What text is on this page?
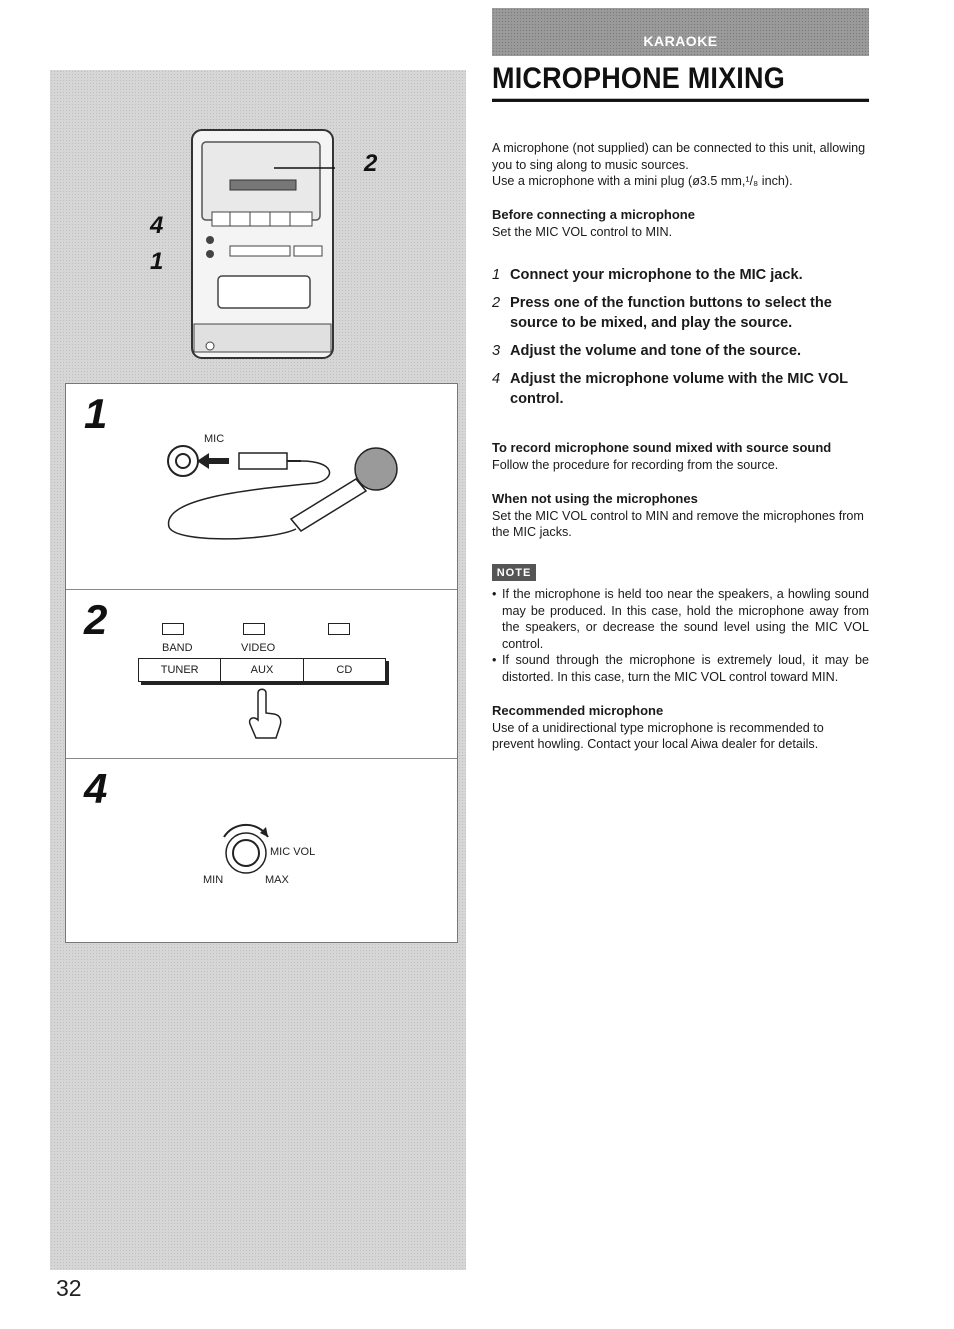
2
4
1
1
MIC
2
BAND	VIDEO
TUNER	AUX	CD
4
MIC VOL
MIN	MAX
KARAOKE
MICROPHONE MIXING

A microphone (not supplied) can be connected to this unit, allowing you to sing along to music sources.

Use a microphone with a mini plug (ø3.5 mm,¹/₈ inch).

Before connecting a microphone

Set the MIC VOL control to MIN.

1 Connect your microphone to the MIC jack.
2 Press one of the function buttons to select the source to be mixed, and play the source.
3 Adjust the volume and tone of the source.
4 Adjust the microphone volume with the MIC VOL control.

To record microphone sound mixed with source sound

Follow the procedure for recording from the source.

When not using the microphones

Set the MIC VOL control to MIN and remove the microphones from the MIC jacks.

NOTE
• If the microphone is held too near the speakers, a howling sound may be produced. In this case, hold the microphone away from the speakers, or decrease the sound level using the MIC VOL control.
• If sound through the microphone is extremely loud, it may be distorted. In this case, turn the MIC VOL control toward MIN.

Recommended microphone

Use of a unidirectional type microphone is recommended to prevent howling. Contact your local Aiwa dealer for details.

32
